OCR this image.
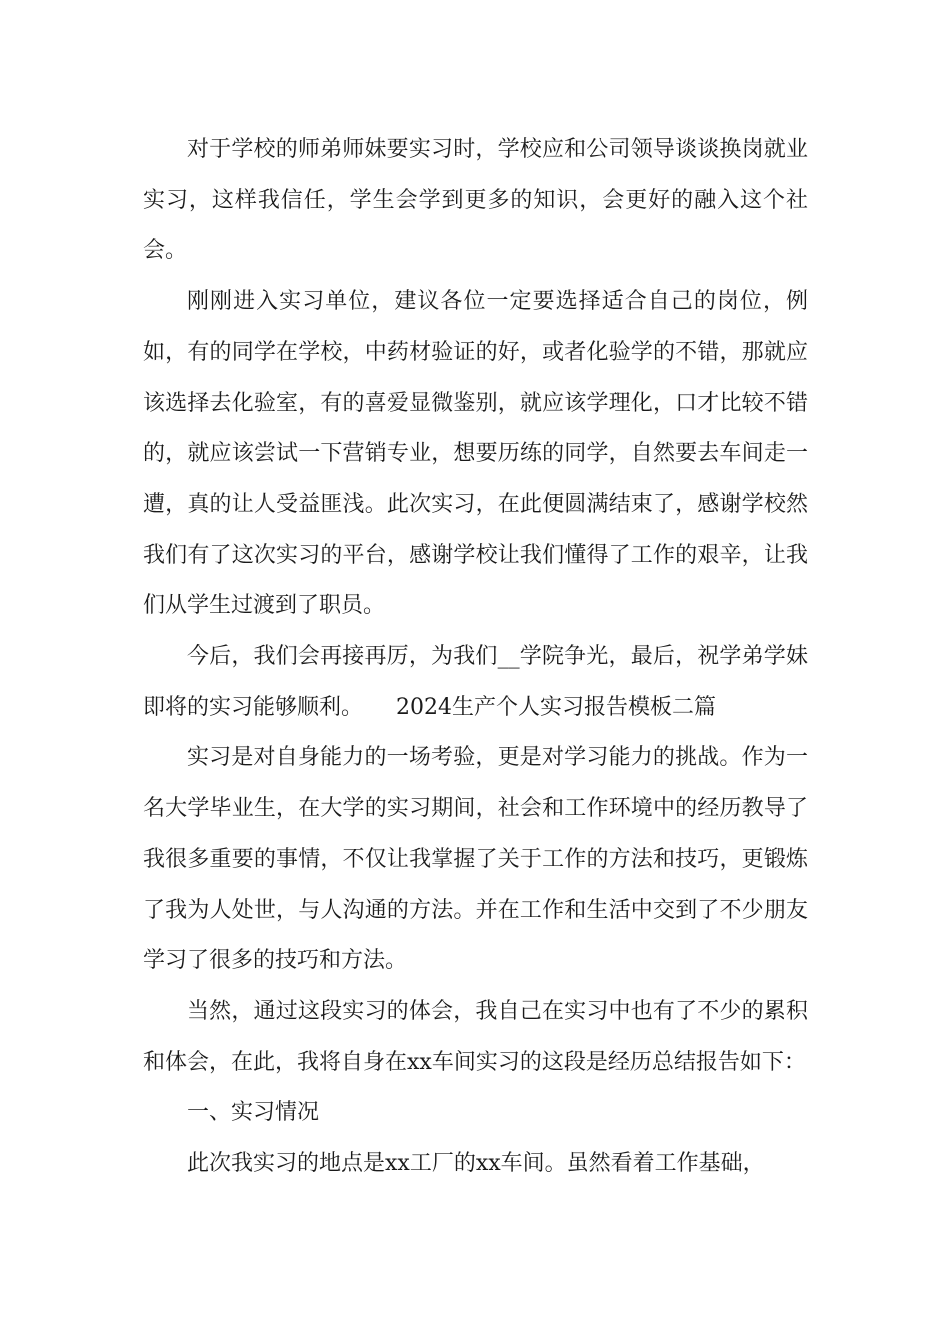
对于学校的师弟师妹要实习时，学校应和公司领导谈谈换岗就业实习，这样我信任，学生会学到更多的知识，会更好的融入这个社会。

刚刚进入实习单位，建议各位一定要选择适合自己的岗位，例如，有的同学在学校，中药材验证的好，或者化验学的不错，那就应该选择去化验室，有的喜爱显微鉴别，就应该学理化，口才比较不错的，就应该尝试一下营销专业，想要历练的同学，自然要去车间走一遭，真的让人受益匪浅。此次实习，在此便圆满结束了，感谢学校然我们有了这次实习的平台，感谢学校让我们懂得了工作的艰辛，让我们从学生过渡到了职员。

今后，我们会再接再厉，为我们__学院争光，最后，祝学弟学妹即将的实习能够顺利。　　2024生产个人实习报告模板二篇

实习是对自身能力的一场考验，更是对学习能力的挑战。作为一名大学毕业生，在大学的实习期间，社会和工作环境中的经历教导了我很多重要的事情，不仅让我掌握了关于工作的方法和技巧，更锻炼了我为人处世，与人沟通的方法。并在工作和生活中交到了不少朋友学习了很多的技巧和方法。

当然，通过这段实习的体会，我自己在实习中也有了不少的累积和体会，在此，我将自身在xx车间实习的这段是经历总结报告如下：

一、实习情况

此次我实习的地点是xx工厂的xx车间。虽然看着工作基础，
